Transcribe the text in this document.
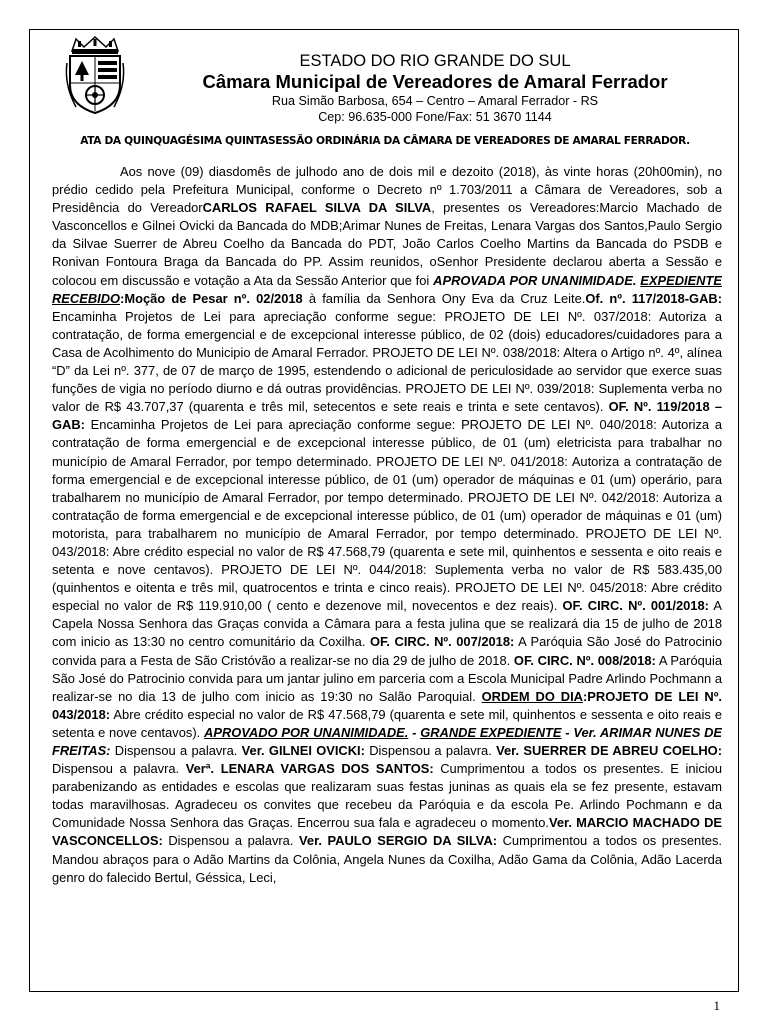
ESTADO DO RIO GRANDE DO SUL
Câmara Municipal de Vereadores de Amaral Ferrador
Rua Simão Barbosa, 654 – Centro – Amaral Ferrador - RS
Cep: 96.635-000 Fone/Fax: 51 3670 1144
ATA DA QUINQUAGÉSIMA QUINTASESSÃO ORDINÁRIA DA CÂMARA DE VEREADORES DE AMARAL FERRADOR.

Aos nove (09) diasdomês de julhodo ano de dois mil e dezoito (2018), às vinte horas (20h00min), no prédio cedido pela Prefeitura Municipal, conforme o Decreto nº 1.703/2011 a Câmara de Vereadores, sob a Presidência do VereadorCARLOS RAFAEL SILVA DA SILVA, presentes os Vereadores:Marcio Machado de Vasconcellos e Gilnei Ovicki da Bancada do MDB;Arimar Nunes de Freitas, Lenara Vargas dos Santos,Paulo Sergio da Silvae Suerrer de Abreu Coelho da Bancada do PDT, João Carlos Coelho Martins da Bancada do PSDB e Ronivan Fontoura Braga da Bancada do PP. Assim reunidos, oSenhor Presidente declarou aberta a Sessão e colocou em discussão e votação a Ata da Sessão Anterior que foi APROVADA POR UNANIMIDADE. EXPEDIENTE RECEBIDO:Moção de Pesar nº. 02/2018 à família da Senhora Ony Eva da Cruz Leite.Of. nº. 117/2018-GAB: Encaminha Projetos de Lei para apreciação conforme segue: PROJETO DE LEI Nº. 037/2018: Autoriza a contratação, de forma emergencial e de excepcional interesse público, de 02 (dois) educadores/cuidadores para a Casa de Acolhimento do Municipio de Amaral Ferrador. PROJETO DE LEI Nº. 038/2018: Altera o Artigo nº. 4º, alínea “D” da Lei nº. 377, de 07 de março de 1995, estendendo o adicional de periculosidade ao servidor que exerce suas funções de vigia no período diurno e dá outras providências. PROJETO DE LEI Nº. 039/2018: Suplementa verba no valor de R$ 43.707,37 (quarenta e três mil, setecentos e sete reais e trinta e sete centavos). OF. Nº. 119/2018 – GAB: Encaminha Projetos de Lei para apreciação conforme segue: PROJETO DE LEI Nº. 040/2018: Autoriza a contratação de forma emergencial e de excepcional interesse público, de 01 (um) eletricista para trabalhar no município de Amaral Ferrador, por tempo determinado. PROJETO DE LEI Nº. 041/2018: Autoriza a contratação de forma emergencial e de excepcional interesse público, de 01 (um) operador de máquinas e 01 (um) operário, para trabalharem no município de Amaral Ferrador, por tempo determinado. PROJETO DE LEI Nº. 042/2018: Autoriza a contratação de forma emergencial e de excepcional interesse público, de 01 (um) operador de máquinas e 01 (um) motorista, para trabalharem no município de Amaral Ferrador, por tempo determinado. PROJETO DE LEI Nº. 043/2018: Abre crédito especial no valor de R$ 47.568,79 (quarenta e sete mil, quinhentos e sessenta e oito reais e setenta e nove centavos). PROJETO DE LEI Nº. 044/2018: Suplementa verba no valor de R$ 583.435,00 (quinhentos e oitenta e três mil, quatrocentos e trinta e cinco reais). PROJETO DE LEI Nº. 045/2018: Abre crédito especial no valor de R$ 119.910,00 ( cento e dezenove mil, novecentos e dez reais). OF. CIRC. Nº. 001/2018: A Capela Nossa Senhora das Graças convida a Câmara para a festa julina que se realizará dia 15 de julho de 2018 com inicio as 13:30 no centro comunitário da Coxilha. OF. CIRC. Nº. 007/2018: A Paróquia São José do Patrocinio convida para a Festa de São Cristóvão a realizar-se no dia 29 de julho de 2018. OF. CIRC. Nº. 008/2018: A Paróquia São José do Patrocinio convida para um jantar julino em parceria com a Escola Municipal Padre Arlindo Pochmann a realizar-se no dia 13 de julho com inicio as 19:30 no Salão Paroquial. ORDEM DO DIA:PROJETO DE LEI Nº. 043/2018: Abre crédito especial no valor de R$ 47.568,79 (quarenta e sete mil, quinhentos e sessenta e oito reais e setenta e nove centavos). APROVADO POR UNANIMIDADE. - GRANDE EXPEDIENTE - Ver. ARIMAR NUNES DE FREITAS: Dispensou a palavra. Ver. GILNEI OVICKI: Dispensou a palavra. Ver. SUERRER DE ABREU COELHO: Dispensou a palavra. Verª. LENARA VARGAS DOS SANTOS: Cumprimentou a todos os presentes. E iniciou parabenizando as entidades e escolas que realizaram suas festas juninas as quais ela se fez presente, estavam todas maravilhosas. Agradeceu os convites que recebeu da Paróquia e da escola Pe. Arlindo Pochmann e da Comunidade Nossa Senhora das Graças. Encerrou sua fala e agradeceu o momento.Ver. MARCIO MACHADO DE VASCONCELLOS: Dispensou a palavra. Ver. PAULO SERGIO DA SILVA: Cumprimentou a todos os presentes. Mandou abraços para o Adão Martins da Colônia, Angela Nunes da Coxilha, Adão Gama da Colônia, Adão Lacerda genro do falecido Bertul, Géssica, Leci,

1
